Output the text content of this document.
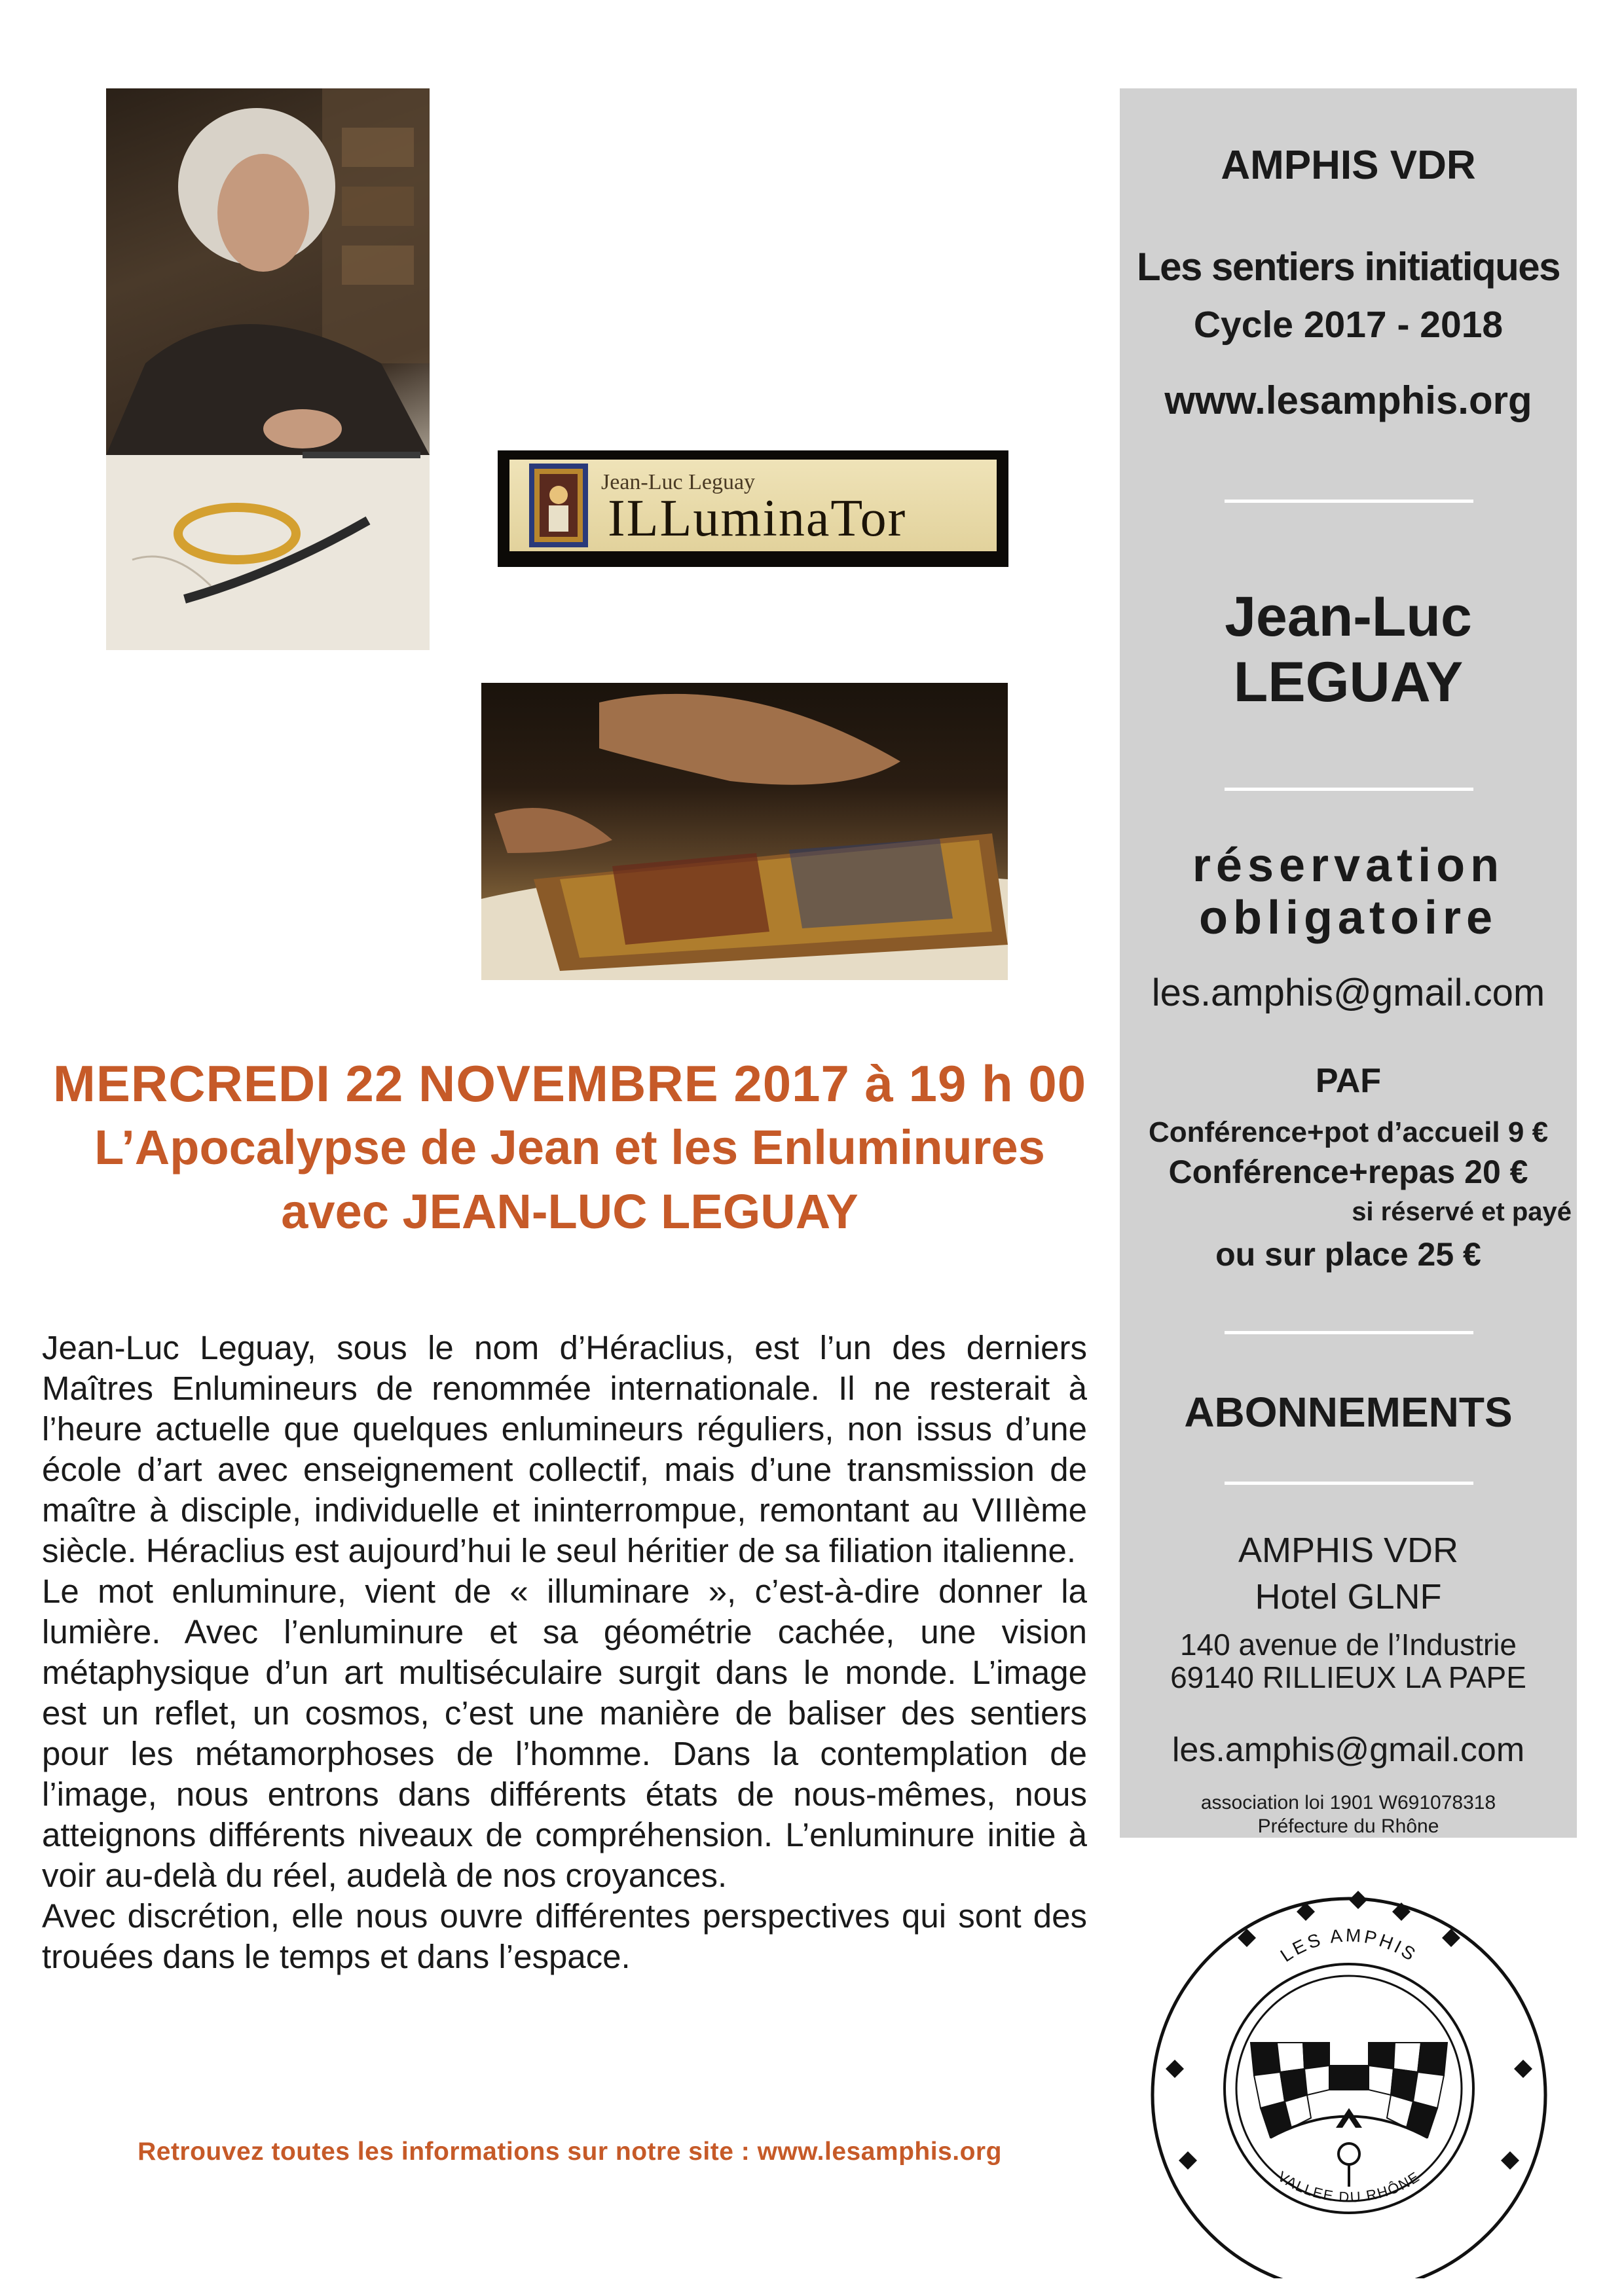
Jean-Luc Leguay
ILLuminaTor
MERCREDI 22 NOVEMBRE 2017 à 19 h 00
L’Apocalypse de Jean et les Enluminures
avec JEAN-LUC LEGUAY

Jean-Luc Leguay, sous le nom d’Héraclius, est l’un des derniers Maîtres Enlumineurs de renommée internationale. Il ne resterait à l’heure actuelle que quelques enlumineurs réguliers, non issus d’une école d’art avec enseignement collectif, mais d’une transmission de maître à disciple, individuelle et ininterrompue, remontant au VIIIème siècle. Héraclius est aujourd’hui le seul héritier de sa filiation italienne.

Le mot enluminure, vient de « illuminare », c’est-à-dire donner la lumière. Avec l’enluminure et sa géométrie cachée, une vision métaphysique d’un art multiséculaire surgit dans le monde. L’image est un reflet, un cosmos, c’est une manière de baliser des sentiers pour les métamorphoses de l’homme. Dans la contemplation de l’image, nous entrons dans différents états de nous-mêmes, nous atteignons différents niveaux de compréhension. L’enluminure initie à voir au-delà du réel, audelà de nos croyances.

Avec discrétion, elle nous ouvre différentes perspectives qui sont des trouées dans le temps et dans l’espace.

Retrouvez toutes les informations sur notre site : www.lesamphis.org
AMPHIS VDR
Les sentiers initiatiques
Cycle 2017 - 2018
www.lesamphis.org
Jean-Luc
LEGUAY
réservation
obligatoire
les.amphis@gmail.com
PAF
Conférence+pot d’accueil 9 €
Conférence+repas 20 €
si réservé et payé
ou sur place 25 €
ABONNEMENTS
AMPHIS VDR
Hotel GLNF
140 avenue de l’Industrie
69140 RILLIEUX LA PAPE
les.amphis@gmail.com
association loi 1901 W691078318
Préfecture du Rhône
LES AMPHIS
VALLEE DU RHÔNE
